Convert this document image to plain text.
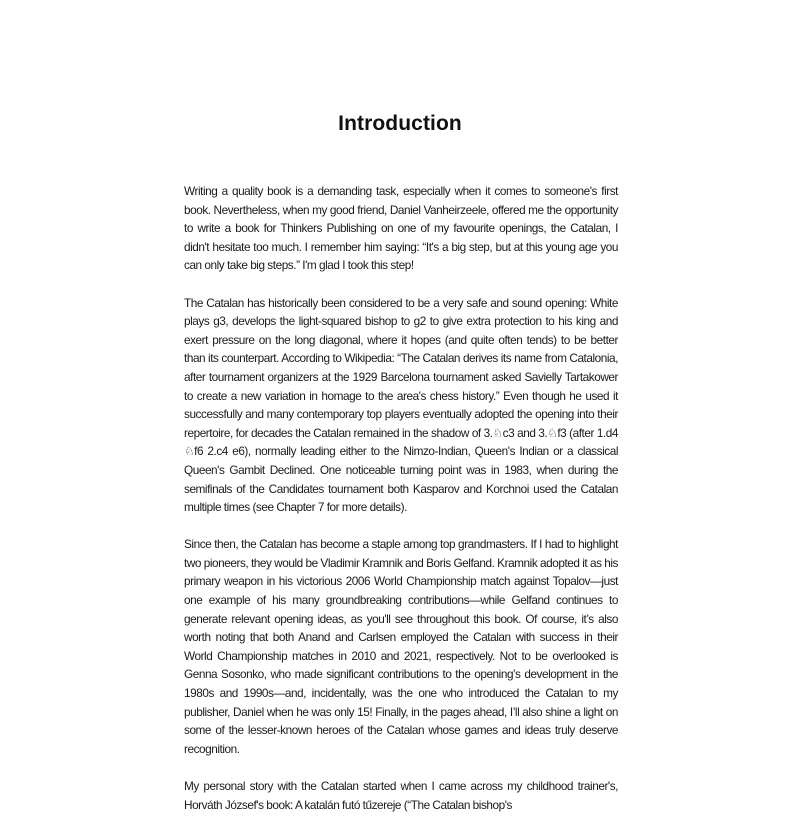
Introduction

Writing a quality book is a demanding task, especially when it comes to someone's first book. Nevertheless, when my good friend, Daniel Vanheirzeele, offered me the opportunity to write a book for Thinkers Publishing on one of my favourite openings, the Catalan, I didn't hesitate too much. I remember him saying: “It's a big step, but at this young age you can only take big steps.” I'm glad I took this step!

The Catalan has historically been considered to be a very safe and sound opening: White plays g3, develops the light-squared bishop to g2 to give extra protection to his king and exert pressure on the long diagonal, where it hopes (and quite often tends) to be better than its counterpart. According to Wikipedia: “The Catalan derives its name from Catalonia, after tournament organizers at the 1929 Barcelona tournament asked Savielly Tartakower to create a new variation in homage to the area's chess history.” Even though he used it successfully and many contemporary top players eventually adopted the opening into their repertoire, for decades the Catalan remained in the shadow of 3.♘c3 and 3.♘f3 (after 1.d4 ♘f6 2.c4 e6), normally leading either to the Nimzo-Indian, Queen's Indian or a classical Queen's Gambit Declined. One noticeable turning point was in 1983, when during the semifinals of the Candidates tournament both Kasparov and Korchnoi used the Catalan multiple times (see Chapter 7 for more details).

Since then, the Catalan has become a staple among top grandmasters. If I had to highlight two pioneers, they would be Vladimir Kramnik and Boris Gelfand. Kramnik adopted it as his primary weapon in his victorious 2006 World Championship match against Topalov—just one example of his many groundbreaking contributions—while Gelfand continues to generate relevant opening ideas, as you'll see throughout this book. Of course, it’s also worth noting that both Anand and Carlsen employed the Catalan with success in their World Championship matches in 2010 and 2021, respectively. Not to be overlooked is Genna Sosonko, who made significant contributions to the opening’s development in the 1980s and 1990s—and, incidentally, was the one who introduced the Catalan to my publisher, Daniel when he was only 15! Finally, in the pages ahead, I’ll also shine a light on some of the lesser-known heroes of the Catalan whose games and ideas truly deserve recognition.

My personal story with the Catalan started when I came across my childhood trainer's, Horváth József's book: A katalán futó tűzereje (“The Catalan bishop's
